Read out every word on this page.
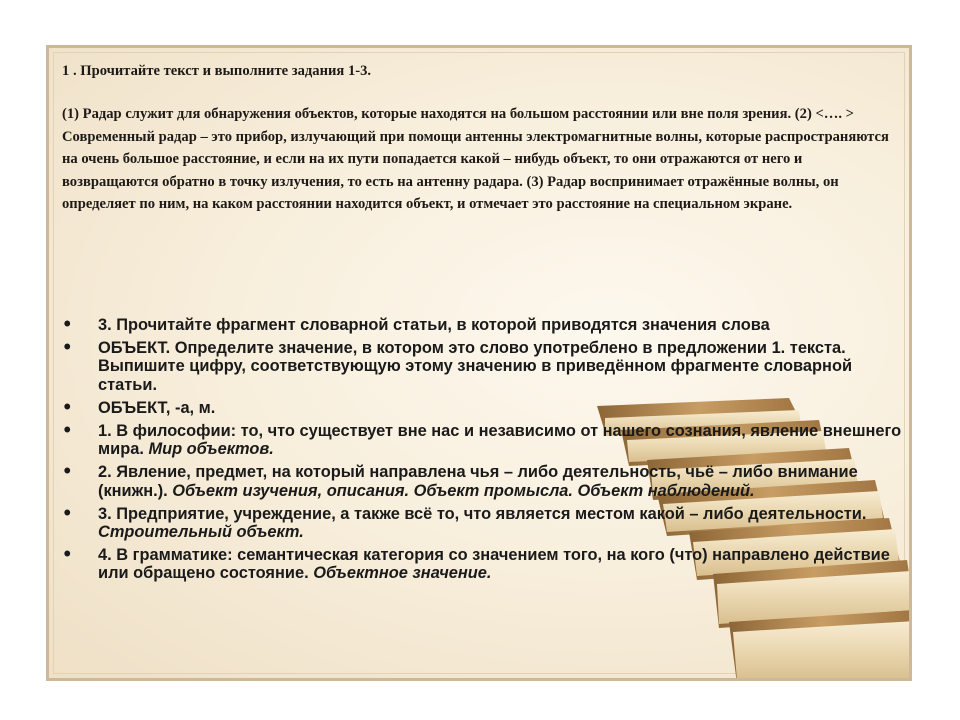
1 . Прочитайте текст и выполните задания 1-3.

(1) Радар служит для обнаружения объектов, которые находятся на большом расстоянии или вне поля зрения. (2) <…. > Современный радар – это прибор, излучающий при помощи антенны электромагнитные волны, которые распространяются на очень большое расстояние, и если на их пути попадается какой – нибудь объект, то они отражаются от него и возвращаются обратно в точку излучения, то есть на антенну радара. (3) Радар воспринимает отражённые волны, он определяет по ним, на каком расстоянии находится объект, и отмечает это расстояние на специальном экране.

•	3. Прочитайте фрагмент словарной статьи, в которой приводятся значения слова
•	ОБЪЕКТ. Определите значение, в котором это слово употреблено в предложении 1. текста. Выпишите цифру, соответствующую этому значению в приведённом фрагменте словарной статьи.
•	ОБЪЕКТ, -а, м.
•	1. В философии: то, что существует вне нас и независимо от нашего сознания, явление внешнего мира. Мир объектов.
•	2. Явление, предмет, на который направлена чья – либо деятельность, чьё – либо внимание (книжн.). Объект изучения, описания. Объект промысла. Объект наблюдений.
•	3. Предприятие, учреждение, а также всё то, что является местом какой – либо деятельности. Строительный объект.
•	4. В грамматике: семантическая категория со значением того, на кого (что) направлено действие или обращено состояние. Объектное значение.
